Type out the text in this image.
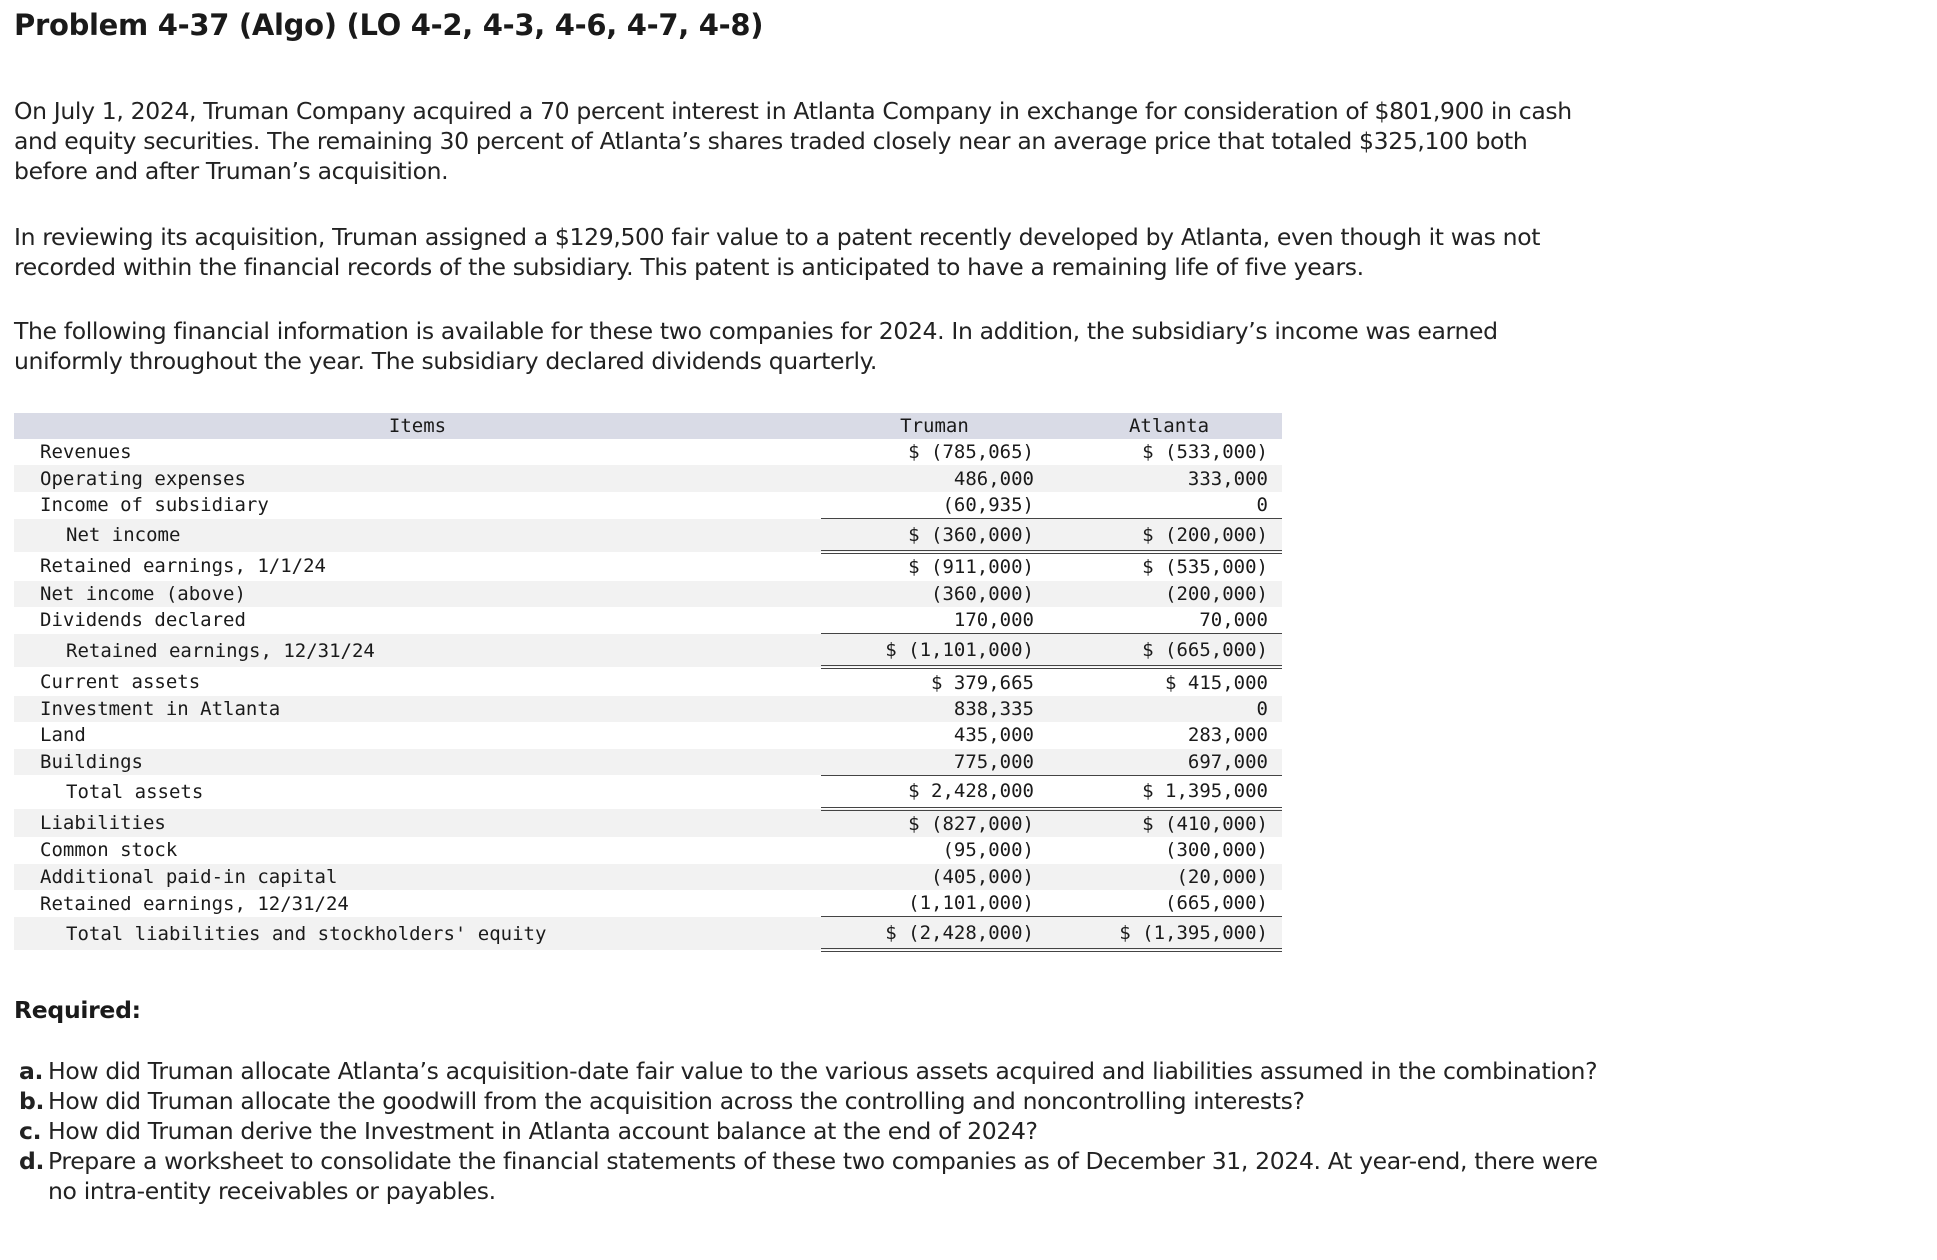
Problem 4-37 (Algo) (LO 4-2, 4-3, 4-6, 4-7, 4-8)

On July 1, 2024, Truman Company acquired a 70 percent interest in Atlanta Company in exchange for consideration of $801,900 in cash and equity securities. The remaining 30 percent of Atlanta’s shares traded closely near an average price that totaled $325,100 both before and after Truman’s acquisition.

In reviewing its acquisition, Truman assigned a $129,500 fair value to a patent recently developed by Atlanta, even though it was not recorded within the financial records of the subsidiary. This patent is anticipated to have a remaining life of five years.

The following financial information is available for these two companies for 2024. In addition, the subsidiary’s income was earned uniformly throughout the year. The subsidiary declared dividends quarterly.

Items	Truman		Atlanta
Revenues	$ (785,065)		$ (533,000)
Operating expenses	486,000		333,000
Income of subsidiary	(60,935)		0
Net income	$ (360,000)		$ (200,000)
Retained earnings, 1/1/24	$ (911,000)		$ (535,000)
Net income (above)	(360,000)		(200,000)
Dividends declared	170,000		70,000
Retained earnings, 12/31/24	$ (1,101,000)		$ (665,000)
Current assets	$ 379,665		$ 415,000
Investment in Atlanta	838,335		0
Land	435,000		283,000
Buildings	775,000		697,000
Total assets	$ 2,428,000		$ 1,395,000
Liabilities	$ (827,000)		$ (410,000)
Common stock	(95,000)		(300,000)
Additional paid-in capital	(405,000)		(20,000)
Retained earnings, 12/31/24	(1,101,000)		(665,000)
Total liabilities and stockholders' equity	$ (2,428,000)		$ (1,395,000)
Required:
a. How did Truman allocate Atlanta’s acquisition-date fair value to the various assets acquired and liabilities assumed in the combination?
b. How did Truman allocate the goodwill from the acquisition across the controlling and noncontrolling interests?
c. How did Truman derive the Investment in Atlanta account balance at the end of 2024?
d. Prepare a worksheet to consolidate the financial statements of these two companies as of December 31, 2024. At year-end, there were no intra-entity receivables or payables.
